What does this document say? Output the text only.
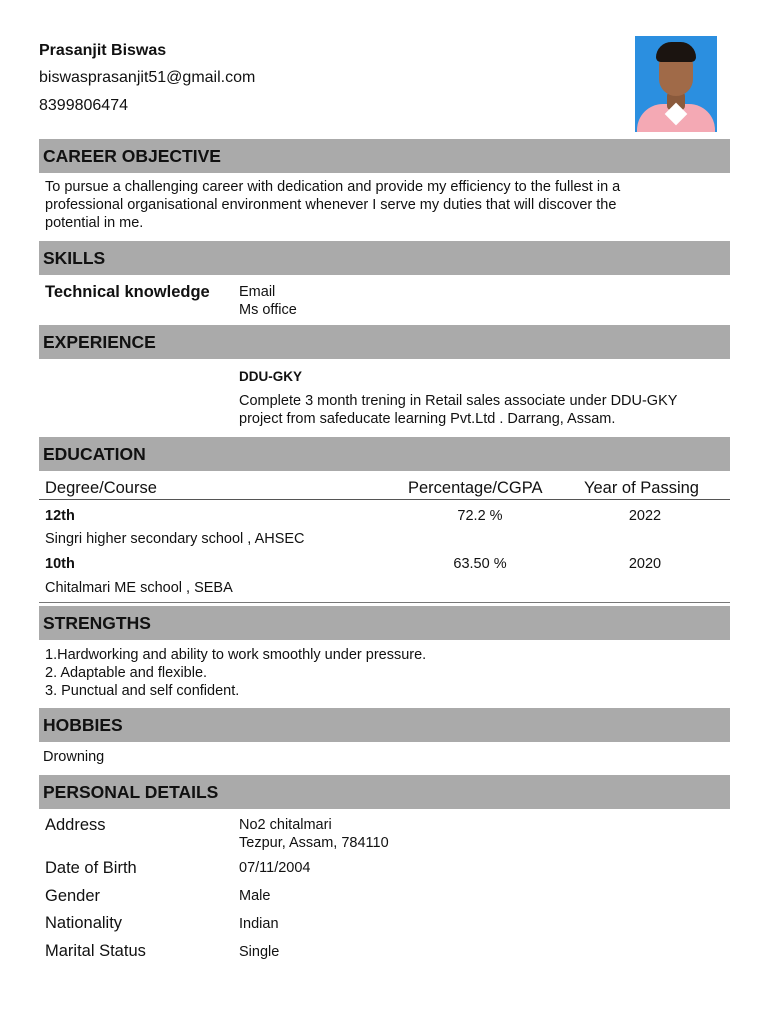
Prasanjit Biswas
biswasprasanjit51@gmail.com
8399806474
CAREER OBJECTIVE
To pursue a challenging career with dedication and provide my efficiency to the fullest in a
professional organisational environment whenever I serve my duties that will discover the
potential in me.
SKILLS
Technical knowledge Email
Ms office
EXPERIENCE
DDU-GKY
Complete 3 month trening in Retail sales associate under DDU-GKY
project from safeducate learning Pvt.Ltd . Darrang, Assam.
EDUCATION
Degree/Course	Percentage/CGPA	Year of Passing
12th	72.2 %	2022
Singri higher secondary school , AHSEC
10th	63.50 %	2020
Chitalmari ME school , SEBA
STRENGTHS
1.Hardworking and ability to work smoothly under pressure.
2. Adaptable and flexible.
3. Punctual and self confident.
HOBBIES
Drowning
PERSONAL DETAILS
Address	No2 chitalmari
Tezpur, Assam, 784110
Date of Birth	07/11/2004
Gender	Male
Nationality	Indian
Marital Status	Single
